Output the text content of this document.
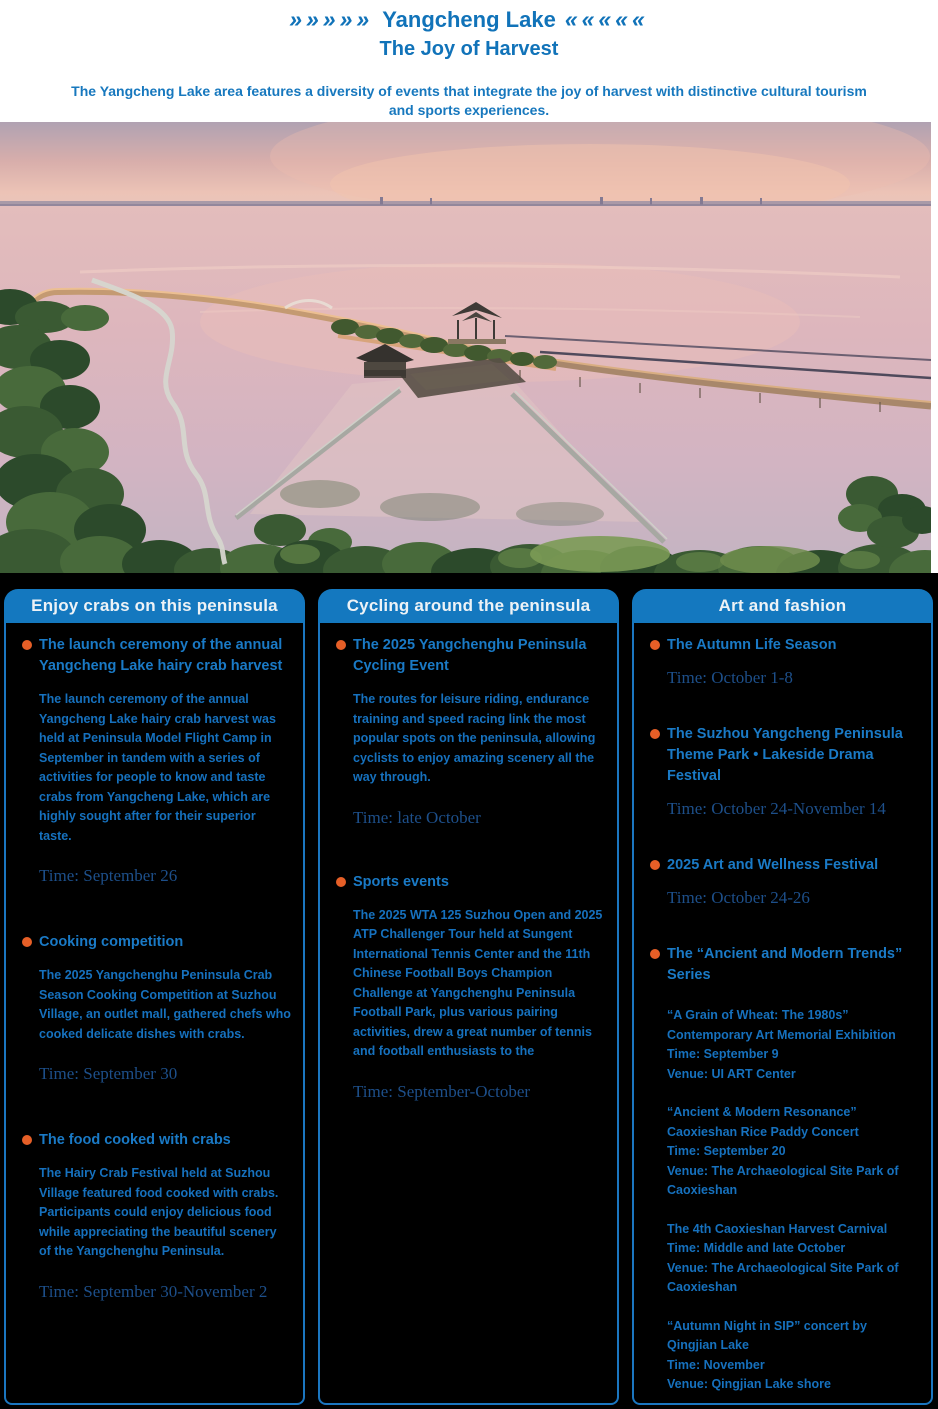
»»»»» Yangcheng Lake «««««
The Joy of Harvest

The Yangcheng Lake area features a diversity of events that integrate the joy of harvest with distinctive cultural tourism and sports experiences.

Enjoy crabs on this peninsula
The launch ceremony of the annual Yangcheng Lake hairy crab harvest

The launch ceremony of the annual Yangcheng Lake hairy crab harvest was held at Peninsula Model Flight Camp in September in tandem with a series of activities for people to know and taste crabs from Yangcheng Lake, which are highly sought after for their superior taste.

Time: September 26
Cooking competition

The 2025 Yangchenghu Peninsula Crab Season Cooking Competition at Suzhou Village, an outlet mall, gathered chefs who cooked delicate dishes with crabs.

Time: September 30
The food cooked with crabs

The Hairy Crab Festival held at Suzhou Village featured food cooked with crabs. Participants could enjoy delicious food while appreciating the beautiful scenery of the Yangchenghu Peninsula.

Time: September 30-November 2
Cycling around the peninsula
The 2025 Yangchenghu Peninsula Cycling Event

The routes for leisure riding, endurance training and speed racing link the most popular spots on the peninsula, allowing cyclists to enjoy amazing scenery all the way through.

Time: late October
Sports events

The 2025 WTA 125 Suzhou Open and 2025 ATP Challenger Tour held at Sungent International Tennis Center and the 11th Chinese Football Boys Champion Challenge at Yangchenghu Peninsula Football Park, plus various pairing activities, drew a great number of tennis and football enthusiasts to the

Time: September-October
Art and fashion
The Autumn Life Season
Time: October 1-8
The Suzhou Yangcheng Peninsula Theme Park • Lakeside Drama Festival
Time: October 24-November 14
2025 Art and Wellness Festival
Time: October 24-26
The “Ancient and Modern Trends” Series
“A Grain of Wheat: The 1980s”
Contemporary Art Memorial Exhibition
Time: September 9
Venue: UI ART Center
“Ancient & Modern Resonance”
Caoxieshan Rice Paddy Concert
Time: September 20
Venue: The Archaeological Site Park of Caoxieshan
The 4th Caoxieshan Harvest Carnival
Time: Middle and late October
Venue: The Archaeological Site Park of Caoxieshan
“Autumn Night in SIP” concert by Qingjian Lake
Time: November
Venue: Qingjian Lake shore
